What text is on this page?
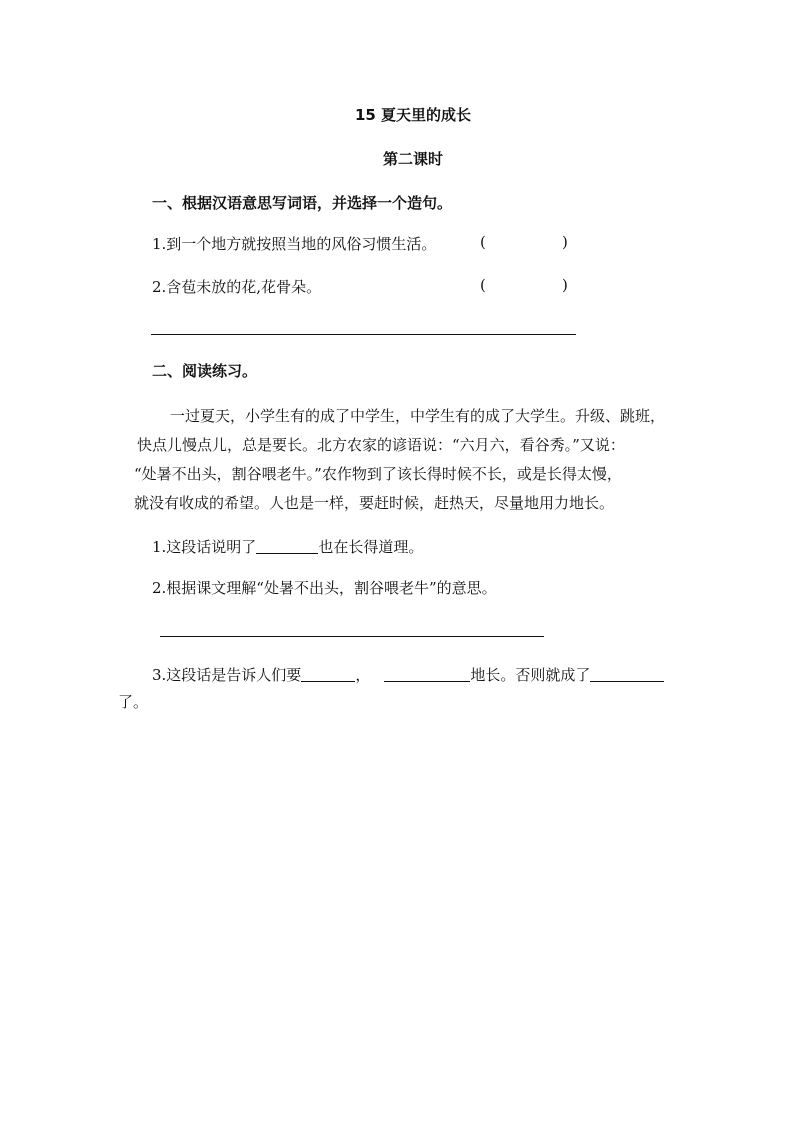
15 夏天里的成长
第二课时
一、根据汉语意思写词语，并选择一个造句。
1.到一个地方就按照当地的风俗习惯生活。	(	)
2.含苞未放的花,花骨朵。	(	)
二、阅读练习。
一过夏天，小学生有的成了中学生，中学生有的成了大学生。升级、跳班，
快点儿慢点儿，总是要长。北方农家的谚语说：“六月六，看谷秀。”又说：
“处暑不出头，割谷喂老牛。”农作物到了该长得时候不长，或是长得太慢，
就没有收成的希望。人也是一样，要赶时候，赶热天，尽量地用力地长。
1.这段话说明了	也在长得道理。
2.根据课文理解“处暑不出头，割谷喂老牛”的意思。
3.这段话是告诉人们要	，	地长。否则就成了
了。
